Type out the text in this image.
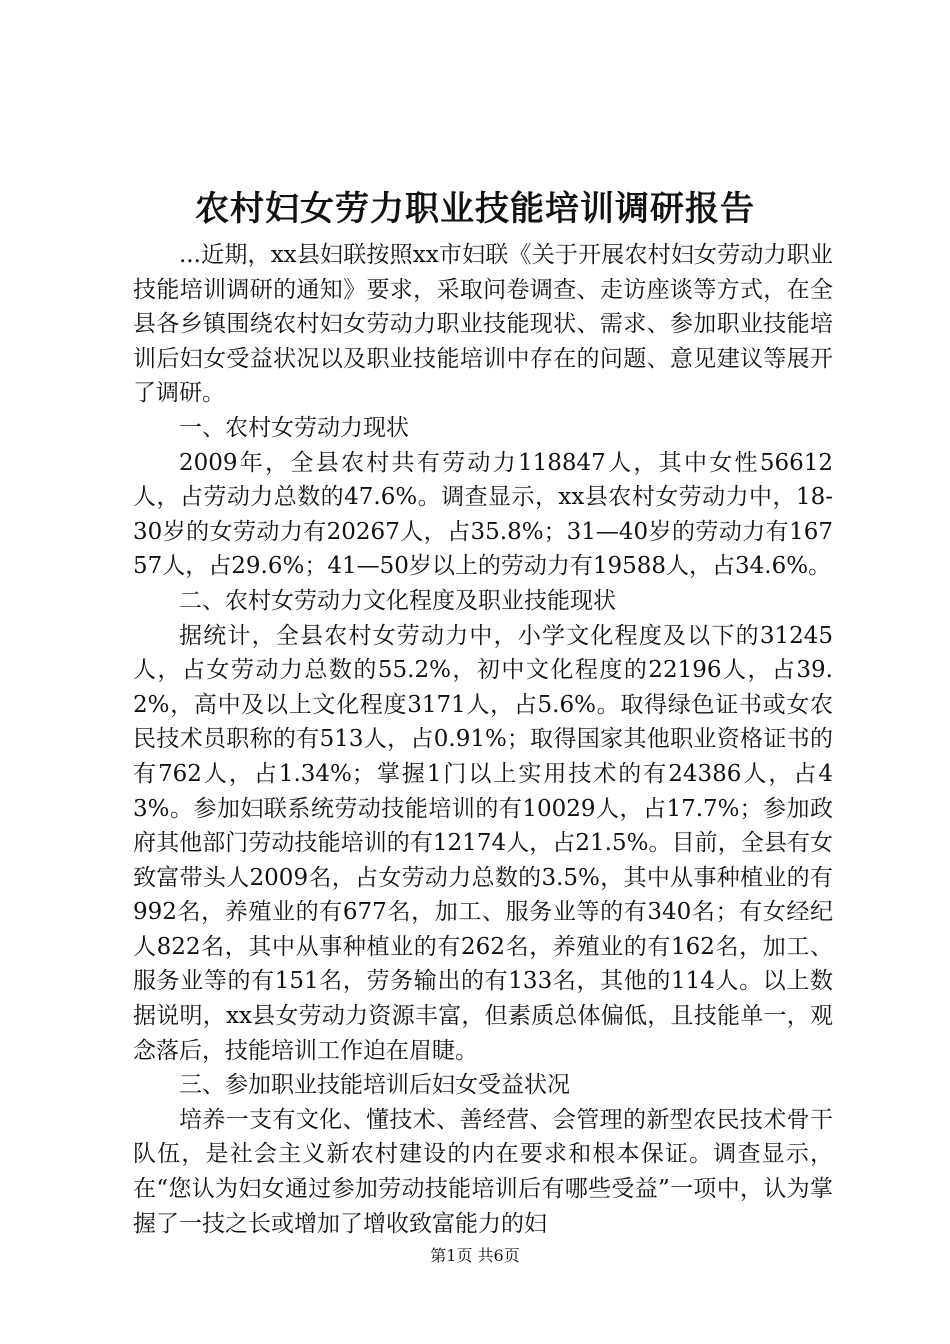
农村妇女劳力职业技能培训调研报告

...近期，xx县妇联按照xx市妇联《关于开展农村妇女劳动力职业技能培训调研的通知》要求，采取问卷调查、走访座谈等方式，在全县各乡镇围绕农村妇女劳动力职业技能现状、需求、参加职业技能培训后妇女受益状况以及职业技能培训中存在的问题、意见建议等展开了调研。

一、农村女劳动力现状

2009年，全县农村共有劳动力118847人，其中女性56612人，占劳动力总数的47.6%。调查显示，xx县农村女劳动力中，18-30岁的女劳动力有20267人，占35.8%；31—40岁的劳动力有16757人，占29.6%；41—50岁以上的劳动力有19588人，占34.6%。

二、农村女劳动力文化程度及职业技能现状

据统计，全县农村女劳动力中，小学文化程度及以下的31245人，占女劳动力总数的55.2%，初中文化程度的22196人，占39.2%，高中及以上文化程度3171人，占5.6%。取得绿色证书或女农民技术员职称的有513人，占0.91%；取得国家其他职业资格证书的有762人，占1.34%；掌握1门以上实用技术的有24386人，占43%。参加妇联系统劳动技能培训的有10029人，占17.7%；参加政府其他部门劳动技能培训的有12174人，占21.5%。目前，全县有女致富带头人2009名，占女劳动力总数的3.5%，其中从事种植业的有992名，养殖业的有677名，加工、服务业等的有340名；有女经纪人822名，其中从事种植业的有262名，养殖业的有162名，加工、服务业等的有151名，劳务输出的有133名，其他的114人。以上数据说明，xx县女劳动力资源丰富，但素质总体偏低，且技能单一，观念落后，技能培训工作迫在眉睫。

三、参加职业技能培训后妇女受益状况

培养一支有文化、懂技术、善经营、会管理的新型农民技术骨干队伍，是社会主义新农村建设的内在要求和根本保证。调查显示，在“您认为妇女通过参加劳动技能培训后有哪些受益”一项中，认为掌握了一技之长或增加了增收致富能力的妇

第1页 共6页
